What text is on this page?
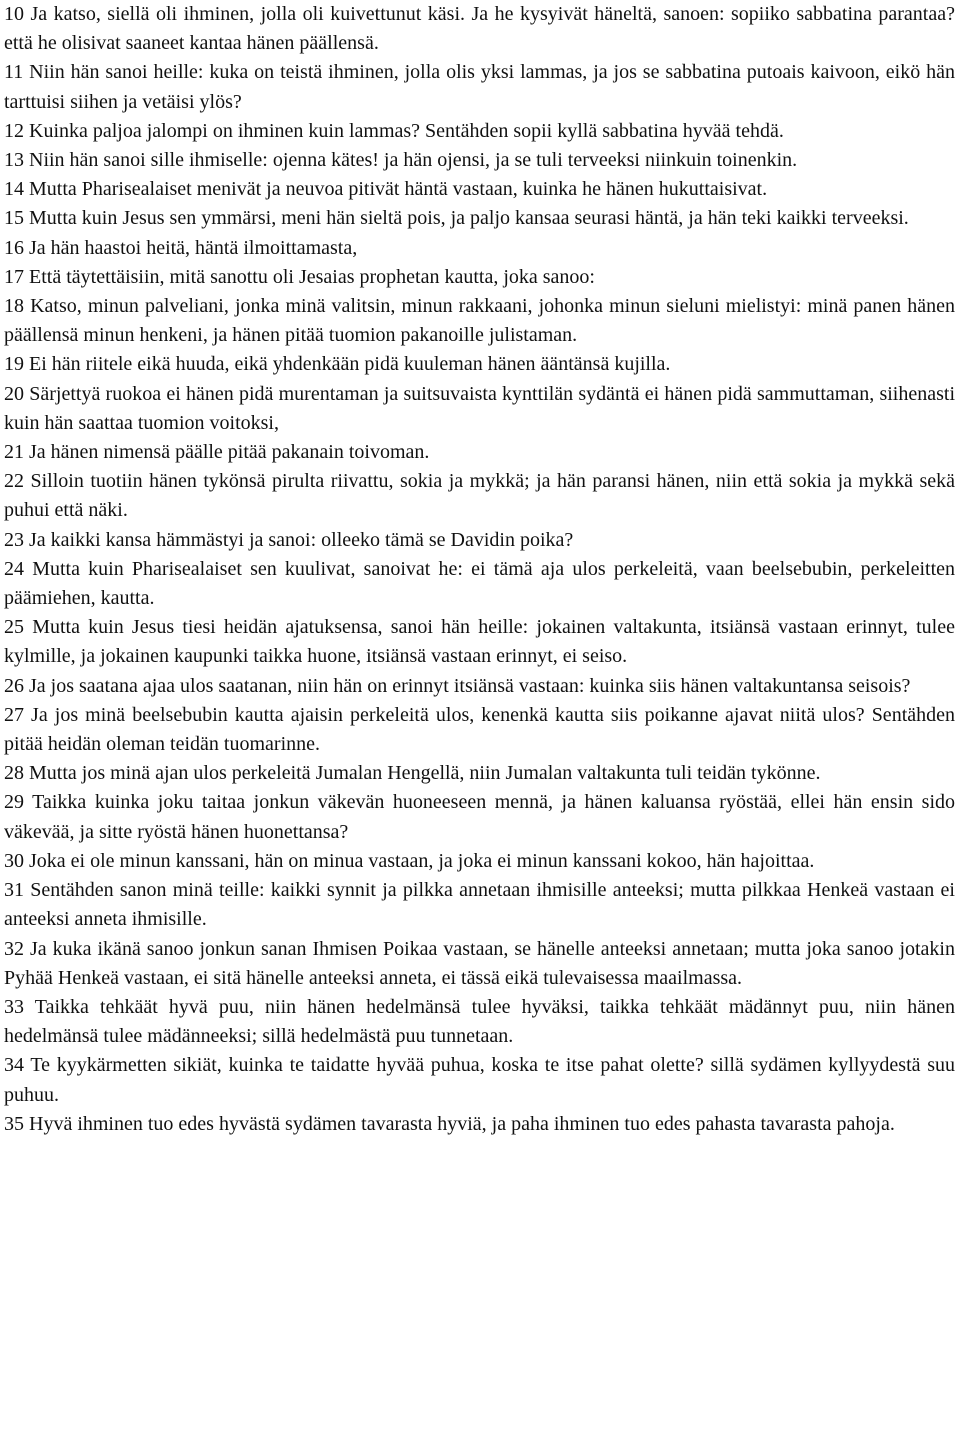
10 Ja katso, siellä oli ihminen, jolla oli kuivettunut käsi. Ja he kysyivät häneltä, sanoen: sopiiko sabbatina parantaa? että he olisivat saaneet kantaa hänen päällensä.

11 Niin hän sanoi heille: kuka on teistä ihminen, jolla olis yksi lammas, ja jos se sabbatina putoais kaivoon, eikö hän tarttuisi siihen ja vetäisi ylös?

12 Kuinka paljoa jalompi on ihminen kuin lammas? Sentähden sopii kyllä sabbatina hyvää tehdä.

13 Niin hän sanoi sille ihmiselle: ojenna kätes! ja hän ojensi, ja se tuli terveeksi niinkuin toinenkin.

14 Mutta Pharisealaiset menivät ja neuvoa pitivät häntä vastaan, kuinka he hänen hukuttaisivat.

15 Mutta kuin Jesus sen ymmärsi, meni hän sieltä pois, ja paljo kansaa seurasi häntä, ja hän teki kaikki terveeksi.

16 Ja hän haastoi heitä, häntä ilmoittamasta,

17 Että täytettäisiin, mitä sanottu oli Jesaias prophetan kautta, joka sanoo:

18 Katso, minun palveliani, jonka minä valitsin, minun rakkaani, johonka minun sieluni mielistyi: minä panen hänen päällensä minun henkeni, ja hänen pitää tuomion pakanoille julistaman.

19 Ei hän riitele eikä huuda, eikä yhdenkään pidä kuuleman hänen ääntänsä kujilla.

20 Särjettyä ruokoa ei hänen pidä murentaman ja suitsuvaista kynttilän sydäntä ei hänen pidä sammuttaman, siihenasti kuin hän saattaa tuomion voitoksi,

21 Ja hänen nimensä päälle pitää pakanain toivoman.

22 Silloin tuotiin hänen tykönsä pirulta riivattu, sokia ja mykkä; ja hän paransi hänen, niin että sokia ja mykkä sekä puhui että näki.

23 Ja kaikki kansa hämmästyi ja sanoi: olleeko tämä se Davidin poika?

24 Mutta kuin Pharisealaiset sen kuulivat, sanoivat he: ei tämä aja ulos perkeleitä, vaan beelsebubin, perkeleitten päämiehen, kautta.

25 Mutta kuin Jesus tiesi heidän ajatuksensa, sanoi hän heille: jokainen valtakunta, itsiänsä vastaan erinnyt, tulee kylmille, ja jokainen kaupunki taikka huone, itsiänsä vastaan erinnyt, ei seiso.

26 Ja jos saatana ajaa ulos saatanan, niin hän on erinnyt itsiänsä vastaan: kuinka siis hänen valtakuntansa seisois?

27 Ja jos minä beelsebubin kautta ajaisin perkeleitä ulos, kenenkä kautta siis poikanne ajavat niitä ulos? Sentähden pitää heidän oleman teidän tuomarinne.

28 Mutta jos minä ajan ulos perkeleitä Jumalan Hengellä, niin Jumalan valtakunta tuli teidän tykönne.

29 Taikka kuinka joku taitaa jonkun väkevän huoneeseen mennä, ja hänen kaluansa ryöstää, ellei hän ensin sido väkevää, ja sitte ryöstä hänen huonettansa?

30 Joka ei ole minun kanssani, hän on minua vastaan, ja joka ei minun kanssani kokoo, hän hajoittaa.

31 Sentähden sanon minä teille: kaikki synnit ja pilkka annetaan ihmisille anteeksi; mutta pilkkaa Henkeä vastaan ei anteeksi anneta ihmisille.

32 Ja kuka ikänä sanoo jonkun sanan Ihmisen Poikaa vastaan, se hänelle anteeksi annetaan; mutta joka sanoo jotakin Pyhää Henkeä vastaan, ei sitä hänelle anteeksi anneta, ei tässä eikä tulevaisessa maailmassa.

33 Taikka tehkäät hyvä puu, niin hänen hedelmänsä tulee hyväksi, taikka tehkäät mädännyt puu, niin hänen hedelmänsä tulee mädänneeksi; sillä hedelmästä puu tunnetaan.

34 Te kyykärmetten sikiät, kuinka te taidatte hyvää puhua, koska te itse pahat olette? sillä sydämen kyllyydestä suu puhuu.

35 Hyvä ihminen tuo edes hyvästä sydämen tavarasta hyviä, ja paha ihminen tuo edes pahasta tavarasta pahoja.
